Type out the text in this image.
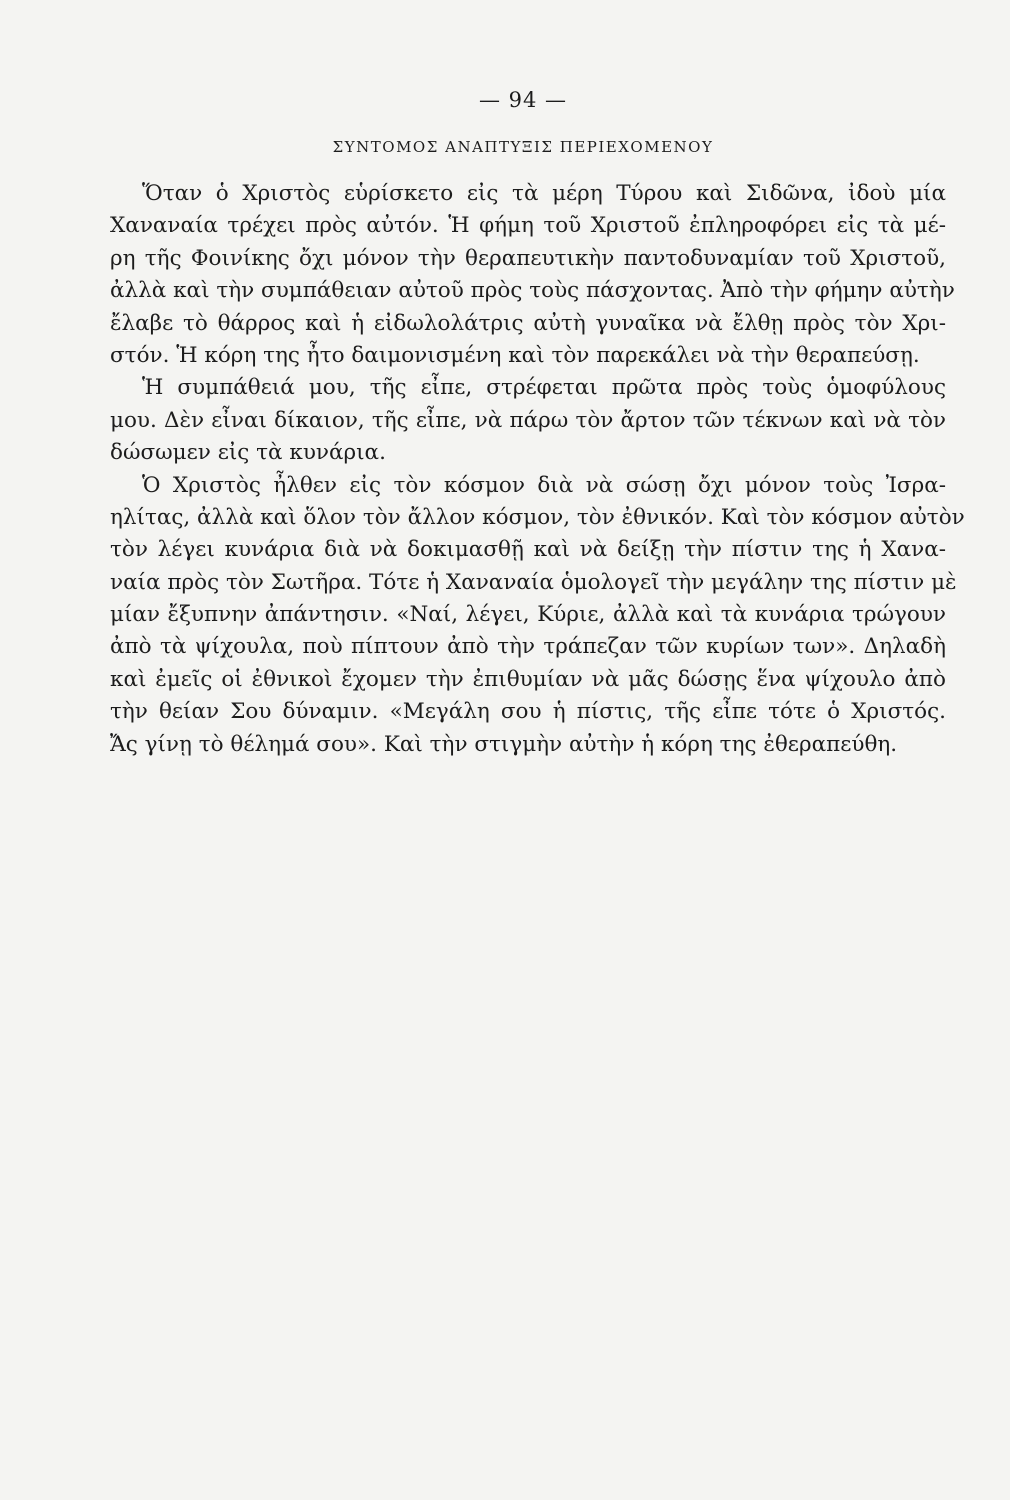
— 94 —
ΣΥΝΤΟΜΟΣ ΑΝΑΠΤΥΞΙΣ ΠΕΡΙΕΧΟΜΕΝΟΥ
Ὅταν ὁ Χριστὸς εὑρίσκετο εἰς τὰ μέρη Τύρου καὶ Σιδῶνα, ἰδοὺ μία
Χαναναία τρέχει πρὸς αὐτόν. Ἡ φήμη τοῦ Χριστοῦ ἐπληροφόρει εἰς τὰ μέ-
ρη τῆς Φοινίκης ὄχι μόνον τὴν θεραπευτικὴν παντοδυναμίαν τοῦ Χριστοῦ,
ἀλλὰ καὶ τὴν συμπάθειαν αὐτοῦ πρὸς τοὺς πάσχοντας. Ἀπὸ τὴν φήμην αὐτὴν
ἔλαβε τὸ θάρρος καὶ ἡ εἰδωλολάτρις αὐτὴ γυναῖκα νὰ ἔλθῃ πρὸς τὸν Χρι-
στόν. Ἡ κόρη της ἦτο δαιμονισμένη καὶ τὸν παρεκάλει νὰ τὴν θεραπεύσῃ.
Ἡ συμπάθειά μου, τῆς εἶπε, στρέφεται πρῶτα πρὸς τοὺς ὁμοφύλους
μου. Δὲν εἶναι δίκαιον, τῆς εἶπε, νὰ πάρω τὸν ἄρτον τῶν τέκνων καὶ νὰ τὸν
δώσωμεν εἰς τὰ κυνάρια.
Ὁ Χριστὸς ἦλθεν εἰς τὸν κόσμον διὰ νὰ σώσῃ ὄχι μόνον τοὺς Ἰσρα-
ηλίτας, ἀλλὰ καὶ ὅλον τὸν ἄλλον κόσμον, τὸν ἐθνικόν. Καὶ τὸν κόσμον αὐτὸν
τὸν λέγει κυνάρια διὰ νὰ δοκιμασθῇ καὶ νὰ δείξῃ τὴν πίστιν της ἡ Χανα-
ναία πρὸς τὸν Σωτῆρα. Τότε ἡ Χαναναία ὁμολογεῖ τὴν μεγάλην της πίστιν μὲ
μίαν ἔξυπνην ἀπάντησιν. «Ναί, λέγει, Κύριε, ἀλλὰ καὶ τὰ κυνάρια τρώγουν
ἀπὸ τὰ ψίχουλα, ποὺ πίπτουν ἀπὸ τὴν τράπεζαν τῶν κυρίων των». Δηλαδὴ
καὶ ἐμεῖς οἱ ἐθνικοὶ ἔχομεν τὴν ἐπιθυμίαν νὰ μᾶς δώσῃς ἕνα ψίχουλο ἀπὸ
τὴν θείαν Σου δύναμιν. «Μεγάλη σου ἡ πίστις, τῆς εἶπε τότε ὁ Χριστός.
Ἄς γίνῃ τὸ θέλημά σου». Καὶ τὴν στιγμὴν αὐτὴν ἡ κόρη της ἐθεραπεύθη.
